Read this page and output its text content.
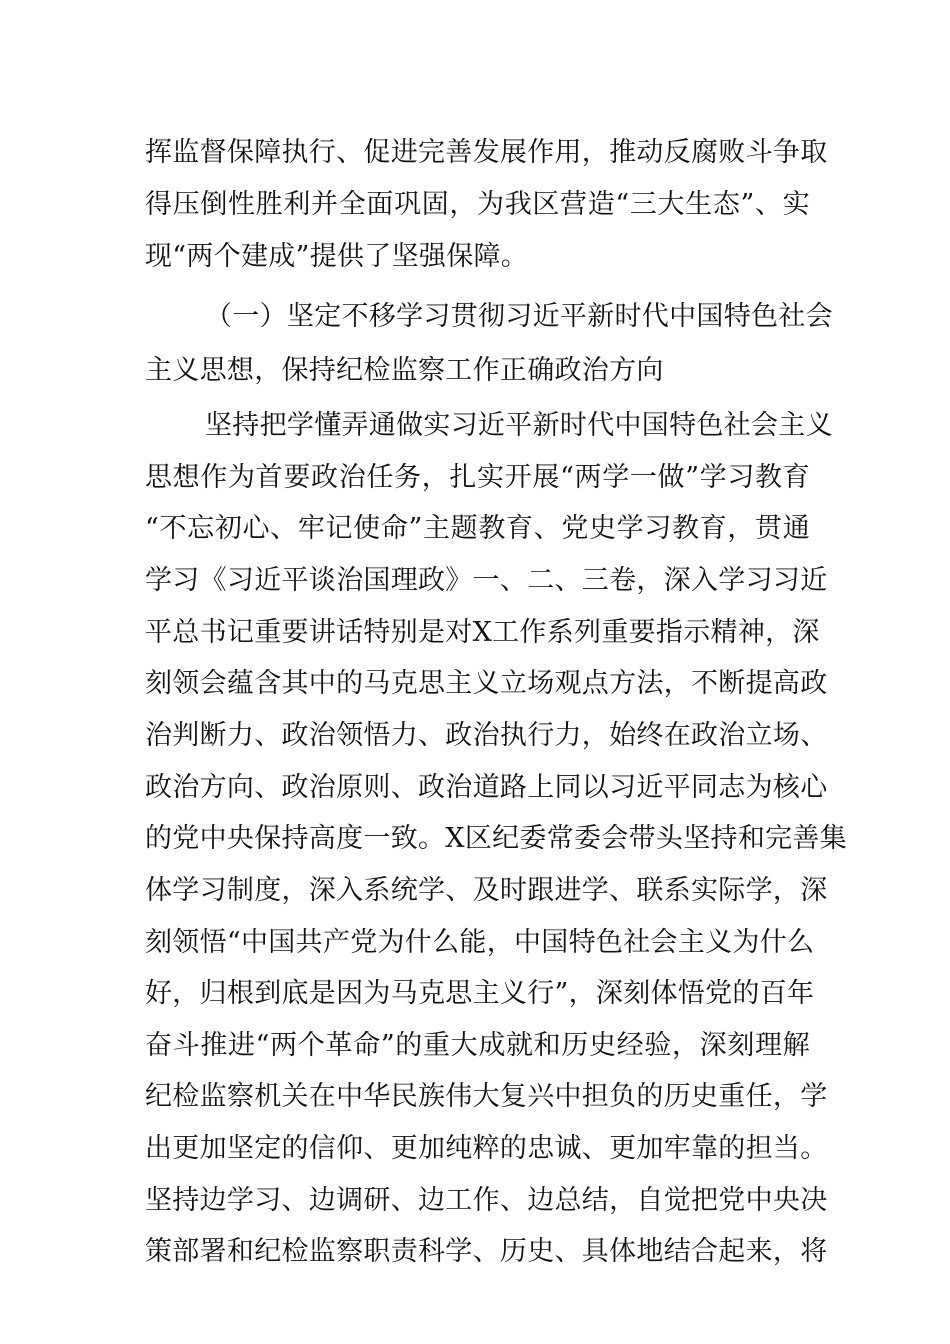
挥监督保障执行、促进完善发展作用，推动反腐败斗争取
得压倒性胜利并全面巩固，为我区营造“三大生态”、实
现“两个建成”提供了坚强保障。
（一）坚定不移学习贯彻习近平新时代中国特色社会
主义思想，保持纪检监察工作正确政治方向
坚持把学懂弄通做实习近平新时代中国特色社会主义
思想作为首要政治任务，扎实开展“两学一做”学习教育
“不忘初心、牢记使命”主题教育、党史学习教育，贯通
学习《习近平谈治国理政》一、二、三卷，深入学习习近
平总书记重要讲话特别是对X工作系列重要指示精神，深
刻领会蕴含其中的马克思主义立场观点方法，不断提高政
治判断力、政治领悟力、政治执行力，始终在政治立场、
政治方向、政治原则、政治道路上同以习近平同志为核心
的党中央保持高度一致。X区纪委常委会带头坚持和完善集
体学习制度，深入系统学、及时跟进学、联系实际学，深
刻领悟“中国共产党为什么能，中国特色社会主义为什么
好，归根到底是因为马克思主义行”，深刻体悟党的百年
奋斗推进“两个革命”的重大成就和历史经验，深刻理解
纪检监察机关在中华民族伟大复兴中担负的历史重任，学
出更加坚定的信仰、更加纯粹的忠诚、更加牢靠的担当。
坚持边学习、边调研、边工作、边总结，自觉把党中央决
策部署和纪检监察职责科学、历史、具体地结合起来，将
